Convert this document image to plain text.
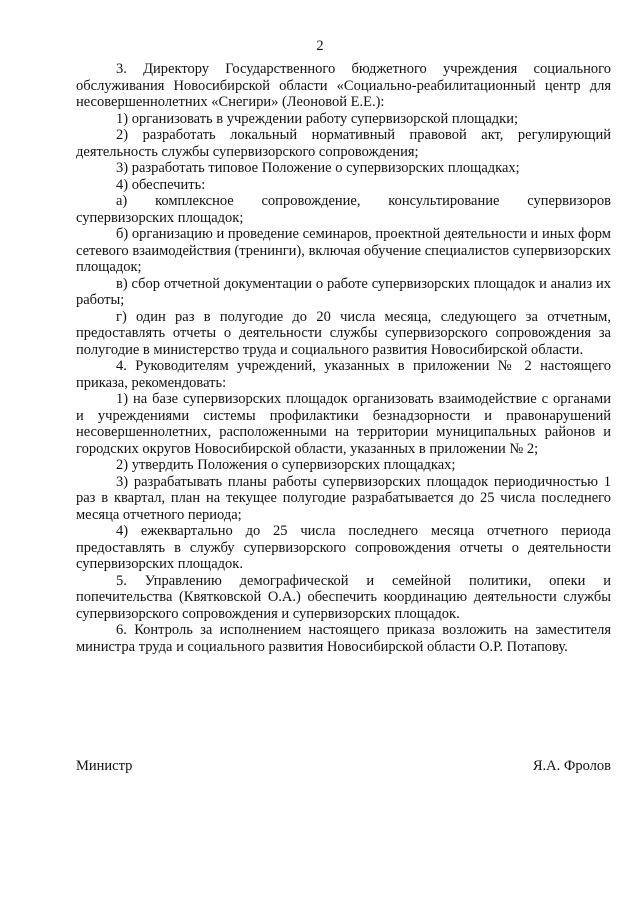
2

3. Директору Государственного бюджетного учреждения социального обслуживания Новосибирской области «Социально-реабилитационный центр для несовершеннолетних «Снегири» (Леоновой Е.Е.):

1) организовать в учреждении работу супервизорской площадки;

2) разработать локальный нормативный правовой акт, регулирующий деятельность службы супервизорского сопровождения;

3) разработать типовое Положение о супервизорских площадках;

4) обеспечить:

а) комплексное сопровождение, консультирование супервизоров супервизорских площадок;

б) организацию и проведение семинаров, проектной деятельности и иных форм сетевого взаимодействия (тренинги), включая обучение специалистов супервизорских площадок;

в) сбор отчетной документации о работе супервизорских площадок и анализ их работы;

г) один раз в полугодие до 20 числа месяца, следующего за отчетным, предоставлять отчеты о деятельности службы супервизорского сопровождения за полугодие в министерство труда и социального развития Новосибирской области.

4. Руководителям учреждений, указанных в приложении № 2 настоящего приказа, рекомендовать:

1) на базе супервизорских площадок организовать взаимодействие с органами и учреждениями системы профилактики безнадзорности и правонарушений несовершеннолетних, расположенными на территории муниципальных районов и городских округов Новосибирской области, указанных в приложении № 2;

2) утвердить Положения о супервизорских площадках;

3) разрабатывать планы работы супервизорских площадок периодичностью 1 раз в квартал, план на текущее полугодие разрабатывается до 25 числа последнего месяца отчетного периода;

4) ежеквартально до 25 числа последнего месяца отчетного периода предоставлять в службу супервизорского сопровождения отчеты о деятельности супервизорских площадок.

5. Управлению демографической и семейной политики, опеки и попечительства (Квятковской О.А.) обеспечить координацию деятельности службы супервизорского сопровождения и супервизорских площадок.

6. Контроль за исполнением настоящего приказа возложить на заместителя министра труда и социального развития Новосибирской области О.Р. Потапову.

Министр	Я.А. Фролов
